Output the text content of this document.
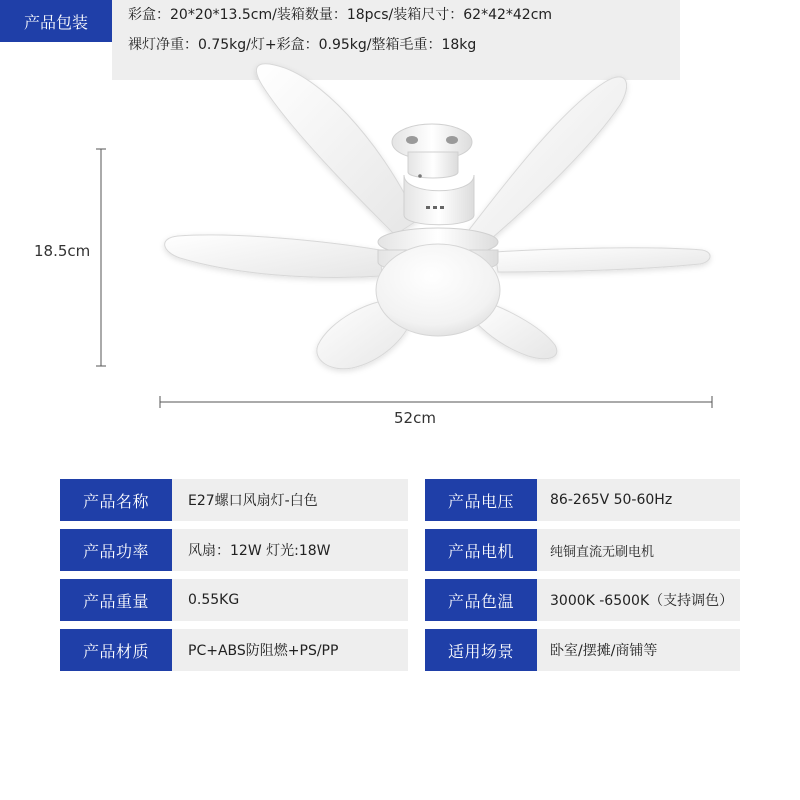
18.5cm
52cm
产品名称	E27螺口风扇灯-白色	产品电压	86-265V 50-60Hz
产品功率	风扇：12W 灯光:18W	产品电机	纯铜直流无刷电机
产品重量	0.55KG	产品色温	3000K -6500K（支持调色）
产品材质	PC+ABS防阻燃+PS/PP	适用场景	卧室/摆摊/商铺等
产品包装	彩盒：20*20*13.5cm/装箱数量：18pcs/装箱尺寸：62*42*42cm
裸灯净重：0.75kg/灯+彩盒：0.95kg/整箱毛重：18kg
